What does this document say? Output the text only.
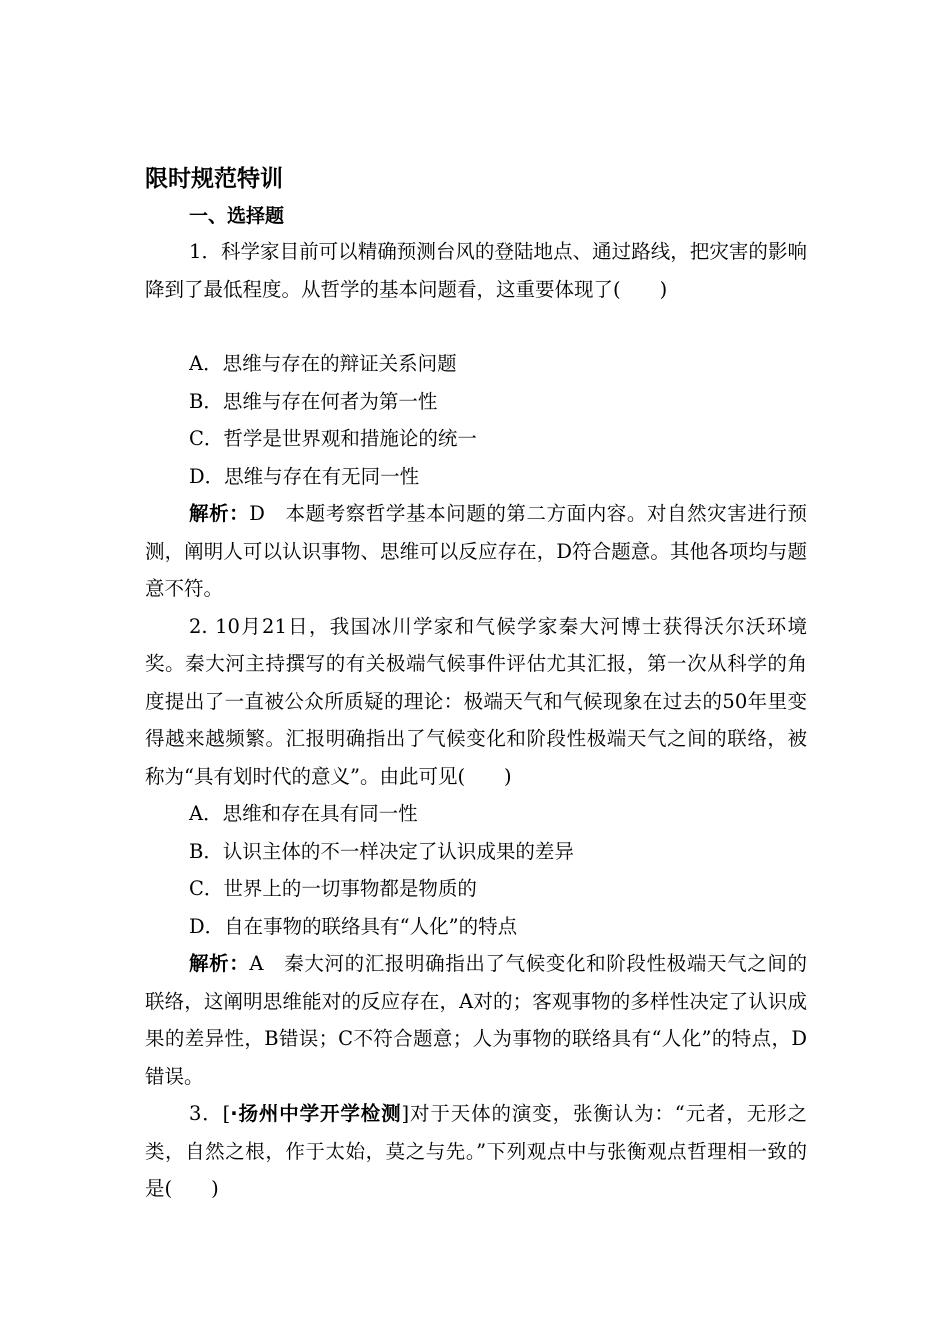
限时规范特训

一、选择题

1．科学家目前可以精确预测台风的登陆地点、通过路线，把灾害的影响降到了最低程度。从哲学的基本问题看，这重要体现了(　　)

A．思维与存在的辩证关系问题

B．思维与存在何者为第一性

C．哲学是世界观和措施论的统一

D．思维与存在有无同一性

解析：D　本题考察哲学基本问题的第二方面内容。对自然灾害进行预测，阐明人可以认识事物、思维可以反应存在，D符合题意。其他各项均与题意不符。

2. 10月21日，我国冰川学家和气候学家秦大河博士获得沃尔沃环境奖。秦大河主持撰写的有关极端气候事件评估尤其汇报，第一次从科学的角度提出了一直被公众所质疑的理论：极端天气和气候现象在过去的50年里变得越来越频繁。汇报明确指出了气候变化和阶段性极端天气之间的联络，被称为“具有划时代的意义”。由此可见(　　)

A．思维和存在具有同一性

B．认识主体的不一样决定了认识成果的差异

C．世界上的一切事物都是物质的

D．自在事物的联络具有“人化”的特点

解析：A　秦大河的汇报明确指出了气候变化和阶段性极端天气之间的联络，这阐明思维能对的反应存在，A对的；客观事物的多样性决定了认识成果的差异性，B错误；C不符合题意；人为事物的联络具有“人化”的特点，D错误。

3．[·扬州中学开学检测]对于天体的演变，张衡认为：“元者，无形之类，自然之根，作于太始，莫之与先。”下列观点中与张衡观点哲理相一致的是(　　)
